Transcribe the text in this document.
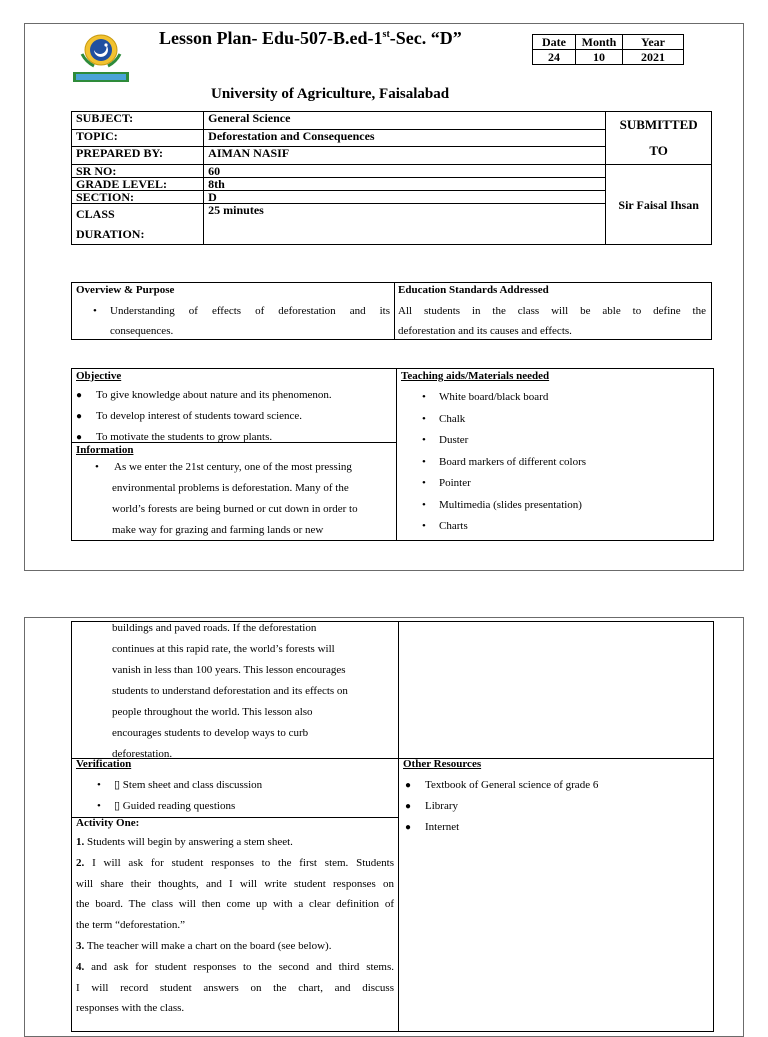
Lesson Plan- Edu-507-B.ed-1st-Sec. “D”	Date	Month	Year
24	10	2021
University of Agriculture, Faisalabad
SUBJECT:	General Science	SUBMITTED
TO
TOPIC:	Deforestation and Consequences	
PREPARED BY:	AIMAN NASIF	
SR NO:	60	Sir Faisal Ihsan
GRADE LEVEL:	8th	
SECTION:	D	
CLASS
DURATION:	25 minutes	
Overview & Purpose
• Understanding of effects of deforestation and its
consequences.
Education Standards Addressed
All students in the class will be able to define the
deforestation and its causes and effects.
Objective
● To give knowledge about nature and its phenomenon.
● To develop interest of students toward science.
● To motivate the students to grow plants.
Information
• As we enter the 21st century, one of the most pressing
environmental problems is deforestation. Many of the
world’s forests are being burned or cut down in order to
make way for grazing and farming lands or new
Teaching aids/Materials needed
• White board/black board
• Chalk
• Duster
• Board markers of different colors
• Pointer
• Multimedia (slides presentation)
• Charts
buildings and paved roads. If the deforestation
continues at this rapid rate, the world’s forests will
vanish in less than 100 years. This lesson encourages
students to understand deforestation and its effects on
people throughout the world. This lesson also
encourages students to develop ways to curb
deforestation.
Verification
• ▯ Stem sheet and class discussion
• ▯ Guided reading questions
Activity One:
1. Students will begin by answering a stem sheet.
2. I will ask for student responses to the first stem. Students
will share their thoughts, and I will write student responses on
the board. The class will then come up with a clear definition of
the term “deforestation.”
3. The teacher will make a chart on the board (see below).
4. and ask for student responses to the second and third stems.
I will record student answers on the chart, and discuss
responses with the class.
Other Resources
● Textbook of General science of grade 6
● Library
● Internet
